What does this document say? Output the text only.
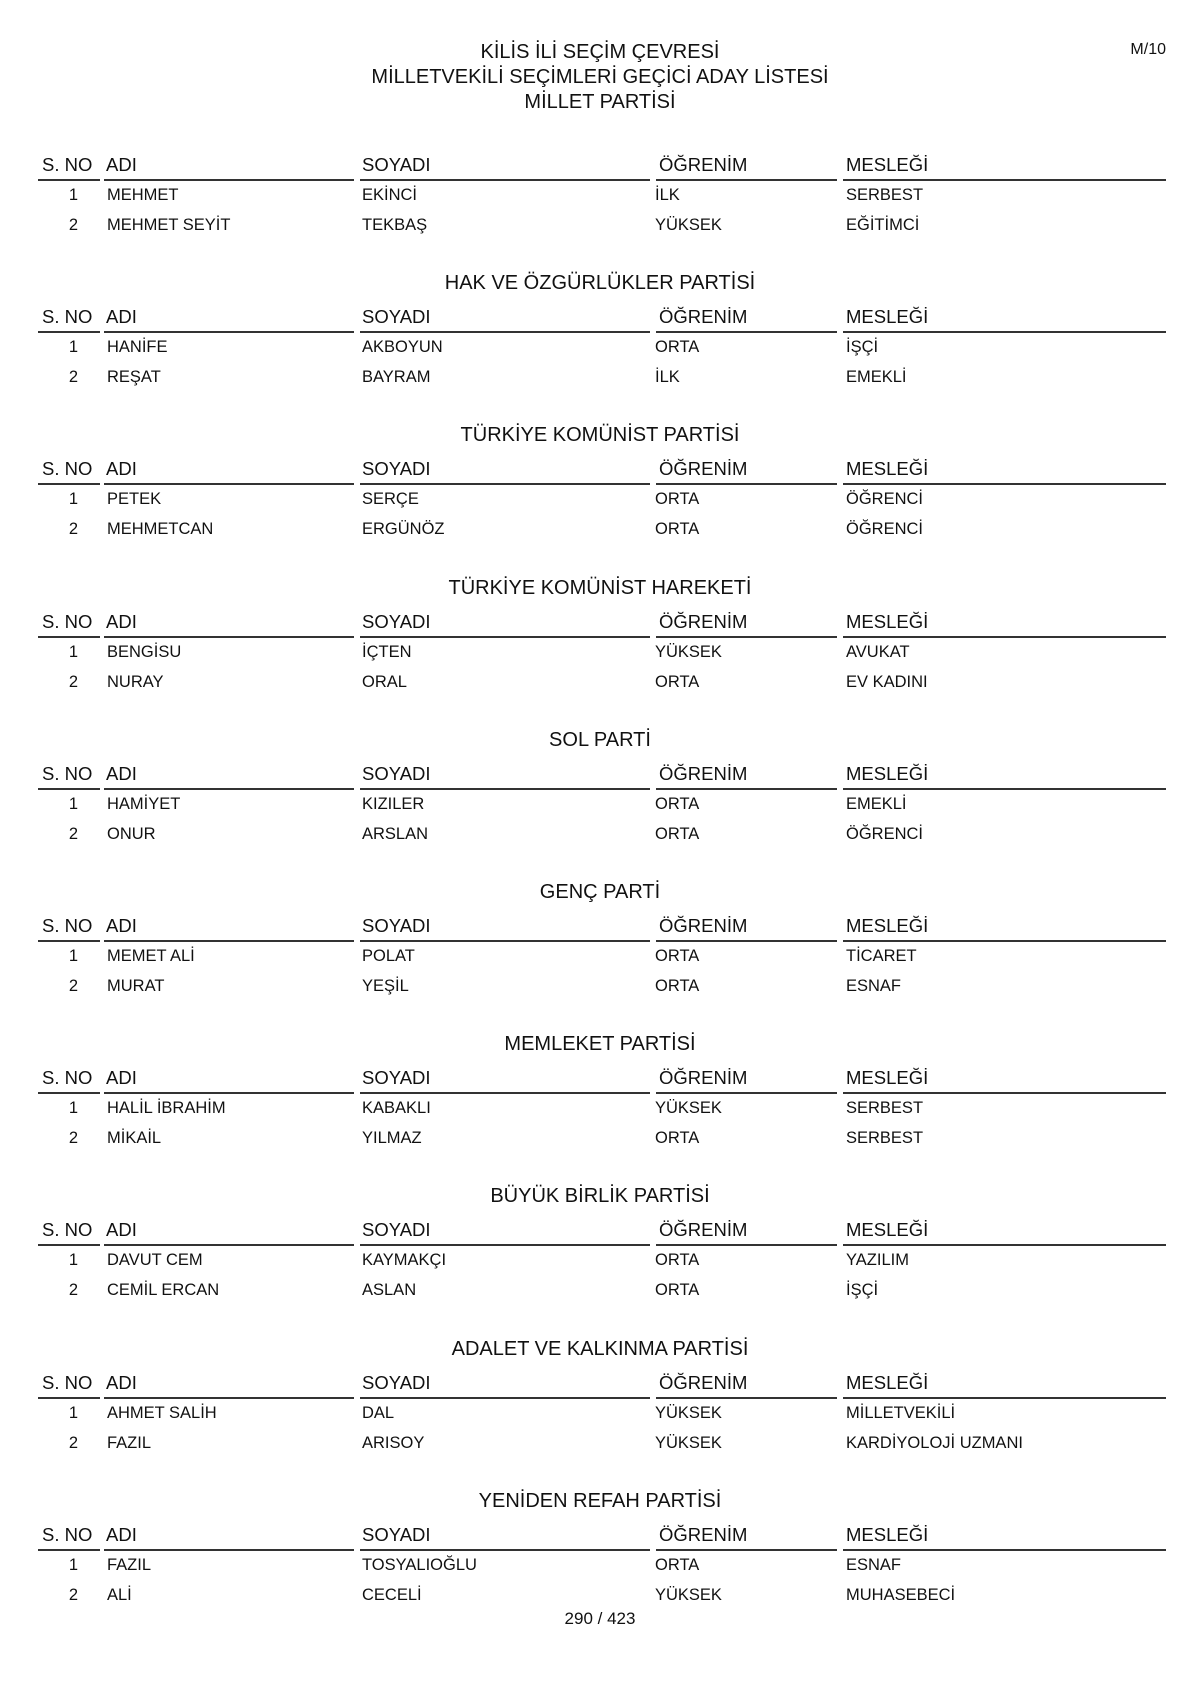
M/10
KİLİS İLİ SEÇİM ÇEVRESİ
MİLLETVEKİLİ SEÇİMLERİ GEÇİCİ ADAY LİSTESİ
MİLLET PARTİSİ
S. NO ADI	SOYADI	ÖĞRENİM	MESLEĞİ
1 MEHMET	EKİNCİ	İLK	SERBEST
2 MEHMET SEYİT	TEKBAŞ	YÜKSEK	EĞİTİMCİ
HAK VE ÖZGÜRLÜKLER PARTİSİ
S. NO ADI	SOYADI	ÖĞRENİM	MESLEĞİ
1 HANİFE	AKBOYUN	ORTA	İŞÇİ
2 REŞAT	BAYRAM	İLK	EMEKLİ
TÜRKİYE KOMÜNİST PARTİSİ
S. NO ADI	SOYADI	ÖĞRENİM	MESLEĞİ
1 PETEK	SERÇE	ORTA	ÖĞRENCİ
2 MEHMETCAN	ERGÜNÖZ	ORTA	ÖĞRENCİ
TÜRKİYE KOMÜNİST HAREKETİ
S. NO ADI	SOYADI	ÖĞRENİM	MESLEĞİ
1 BENGİSU	İÇTEN	YÜKSEK	AVUKAT
2 NURAY	ORAL	ORTA	EV KADINI
SOL PARTİ
S. NO ADI	SOYADI	ÖĞRENİM	MESLEĞİ
1 HAMİYET	KIZILER	ORTA	EMEKLİ
2 ONUR	ARSLAN	ORTA	ÖĞRENCİ
GENÇ PARTİ
S. NO ADI	SOYADI	ÖĞRENİM	MESLEĞİ
1 MEMET ALİ	POLAT	ORTA	TİCARET
2 MURAT	YEŞİL	ORTA	ESNAF
MEMLEKET PARTİSİ
S. NO ADI	SOYADI	ÖĞRENİM	MESLEĞİ
1 HALİL İBRAHİM	KABAKLI	YÜKSEK	SERBEST
2 MİKAİL	YILMAZ	ORTA	SERBEST
BÜYÜK BİRLİK PARTİSİ
S. NO ADI	SOYADI	ÖĞRENİM	MESLEĞİ
1 DAVUT CEM	KAYMAKÇI	ORTA	YAZILIM
2 CEMİL ERCAN	ASLAN	ORTA	İŞÇİ
ADALET VE KALKINMA PARTİSİ
S. NO ADI	SOYADI	ÖĞRENİM	MESLEĞİ
1 AHMET SALİH	DAL	YÜKSEK	MİLLETVEKİLİ
2 FAZIL	ARISOY	YÜKSEK	KARDİYOLOJİ UZMANI
YENİDEN REFAH PARTİSİ
S. NO ADI	SOYADI	ÖĞRENİM	MESLEĞİ
1 FAZIL	TOSYALIOĞLU	ORTA	ESNAF
2 ALİ	CECELİ	YÜKSEK	MUHASEBECİ
290 / 423
